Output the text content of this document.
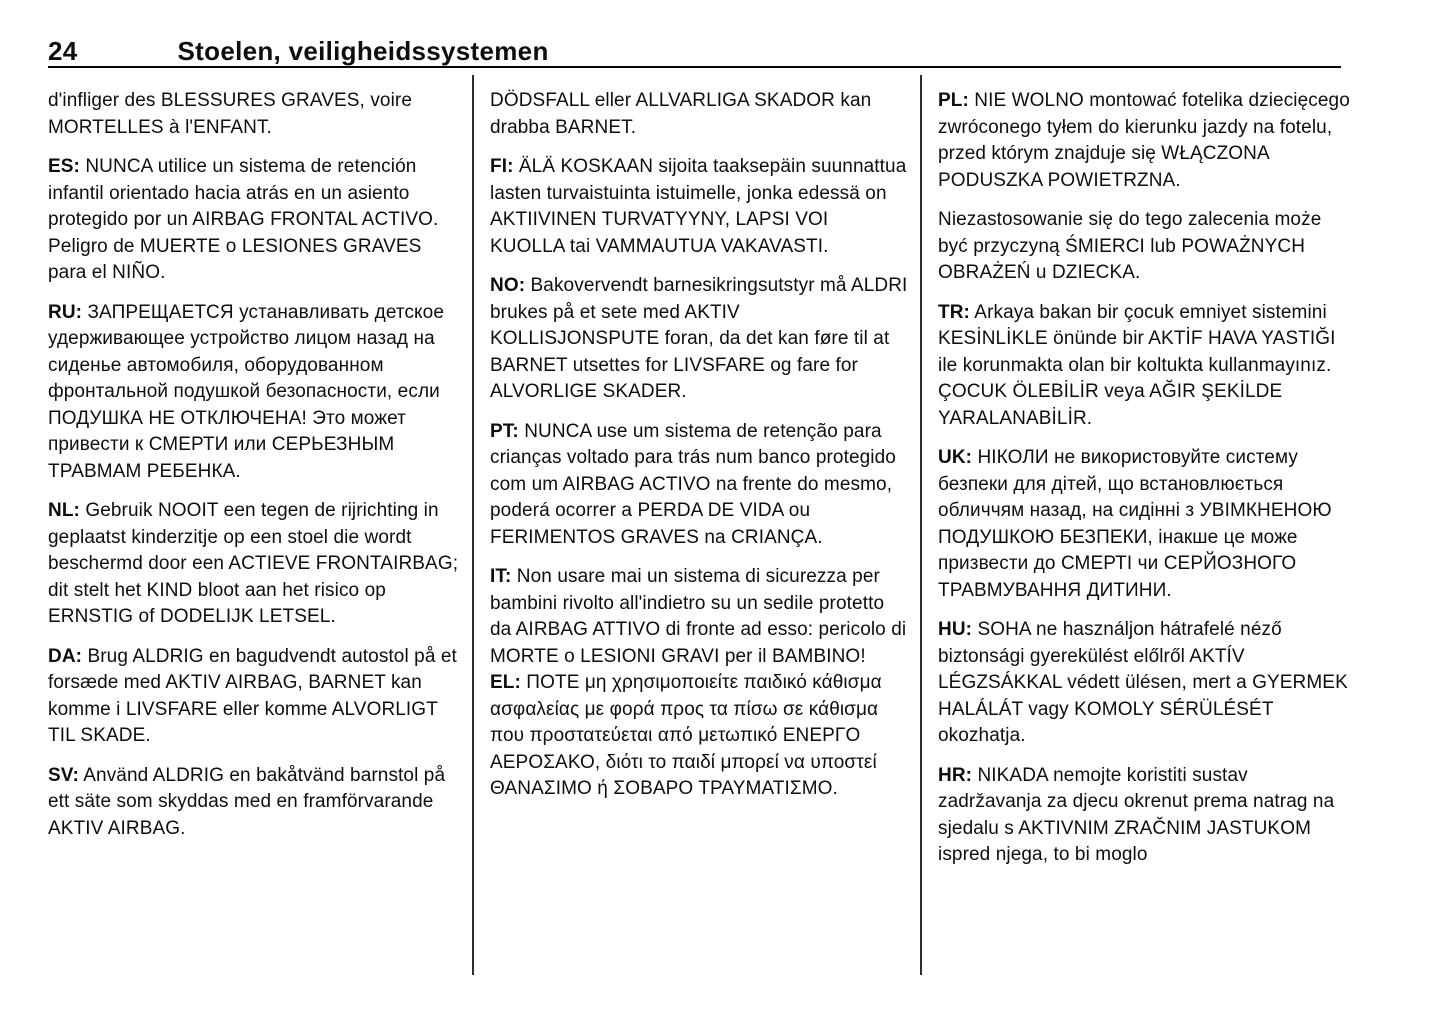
24	Stoelen, veiligheidssystemen

d'infliger des BLESSURES GRAVES, voire MORTELLES à l'ENFANT.

ES: NUNCA utilice un sistema de retención infantil orientado hacia atrás en un asiento protegido por un AIRBAG FRONTAL ACTIVO. Peligro de MUERTE o LESIONES GRAVES para el NIÑO.

RU: ЗАПРЕЩАЕТСЯ устанавливать детское удерживающее устройство лицом назад на сиденье автомобиля, оборудованном фронтальной подушкой безопасности, если ПОДУШКА НЕ ОТКЛЮЧЕНА! Это может привести к СМЕРТИ или СЕРЬЕЗНЫМ ТРАВМАМ РЕБЕНКА.

NL: Gebruik NOOIT een tegen de rijrichting in geplaatst kinderzitje op een stoel die wordt beschermd door een ACTIEVE FRONTAIRBAG; dit stelt het KIND bloot aan het risico op ERNSTIG of DODELIJK LETSEL.

DA: Brug ALDRIG en bagudvendt autostol på et forsæde med AKTIV AIRBAG, BARNET kan komme i LIVSFARE eller komme ALVORLIGT TIL SKADE.

SV: Använd ALDRIG en bakåtvänd barnstol på ett säte som skyddas med en framförvarande AKTIV AIRBAG.

DÖDSFALL eller ALLVARLIGA SKADOR kan drabba BARNET.

FI: ÄLÄ KOSKAAN sijoita taaksepäin suunnattua lasten turvaistuinta istuimelle, jonka edessä on AKTIIVINEN TURVATYYNY, LAPSI VOI KUOLLA tai VAMMAUTUA VAKAVASTI.

NO: Bakovervendt barnesikringsutstyr må ALDRI brukes på et sete med AKTIV KOLLISJONSPUTE foran, da det kan føre til at BARNET utsettes for LIVSFARE og fare for ALVORLIGE SKADER.

PT: NUNCA use um sistema de retenção para crianças voltado para trás num banco protegido com um AIRBAG ACTIVO na frente do mesmo, poderá ocorrer a PERDA DE VIDA ou FERIMENTOS GRAVES na CRIANÇA.

IT: Non usare mai un sistema di sicurezza per bambini rivolto all'indietro su un sedile protetto da AIRBAG ATTIVO di fronte ad esso: pericolo di MORTE o LESIONI GRAVI per il BAMBINO!

EL: ΠΟΤΕ μη χρησιμοποιείτε παιδικό κάθισμα ασφαλείας με φορά προς τα πίσω σε κάθισμα που προστατεύεται από μετωπικό ΕΝΕΡΓΟ ΑΕΡΟΣΑΚΟ, διότι το παιδί μπορεί να υποστεί ΘΑΝΑΣΙΜΟ ή ΣΟΒΑΡΟ ΤΡΑΥΜΑΤΙΣΜΟ.

PL: NIE WOLNO montować fotelika dziecięcego zwróconego tyłem do kierunku jazdy na fotelu, przed którym znajduje się WŁĄCZONA PODUSZKA POWIETRZNA.

Niezastosowanie się do tego zalecenia może być przyczyną ŚMIERCI lub POWAŻNYCH OBRAŻEŃ u DZIECKA.

TR: Arkaya bakan bir çocuk emniyet sistemini KESİNLİKLE önünde bir AKTİF HAVA YASTIĞI ile korunmakta olan bir koltukta kullanmayınız. ÇOCUK ÖLEBİLİR veya AĞIR ŞEKİLDE YARALANABİLİR.

UK: НІКОЛИ не використовуйте систему безпеки для дітей, що встановлюється обличчям назад, на сидінні з УВІМКНЕНОЮ ПОДУШКОЮ БЕЗПЕКИ, інакше це може призвести до СМЕРТІ чи СЕРЙОЗНОГО ТРАВМУВАННЯ ДИТИНИ.

HU: SOHA ne használjon hátrafelé néző biztonsági gyerekülést előlről AKTÍV LÉGZSÁKKAL védett ülésen, mert a GYERMEK HALÁLÁT vagy KOMOLY SÉRÜLÉSÉT okozhatja.

HR: NIKADA nemojte koristiti sustav zadržavanja za djecu okrenut prema natrag na sjedalu s AKTIVNIM ZRAČNIM JASTUKOM ispred njega, to bi moglo
